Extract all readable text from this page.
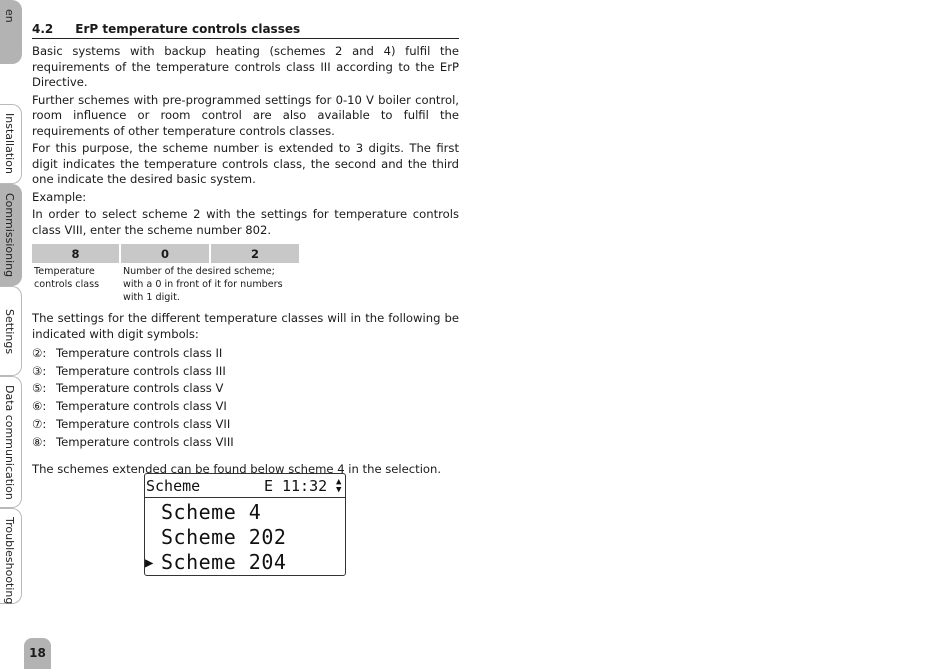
en
Installation
Commissioning
Settings
Data communication
Troubleshooting
18
4.2 ErP temperature controls classes

Basic systems with backup heating (schemes 2 and 4) fulfil the requirements of the temperature controls class III according to the ErP Directive.

Further schemes with pre-programmed settings for 0-10 V boiler control, room influence or room control are also available to fulfil the requirements of other temperature controls classes.

For this purpose, the scheme number is extended to 3 digits. The first digit indicates the temperature controls class, the second and the third one indicate the desired basic system.

Example:

In order to select scheme 2 with the settings for temperature controls class VIII, enter the scheme number 802.

8	0	2
Temperature controls class	Number of the desired scheme; with a 0 in front of it for numbers with 1 digit.	

The settings for the different temperature classes will in the following be indicated with digit symbols:

②: Temperature controls class II
③: Temperature controls class III
⑤: Temperature controls class V
⑥: Temperature controls class VI
⑦: Temperature controls class VII
⑧: Temperature controls class VIII

The schemes extended can be found below scheme 4 in the selection.

Scheme	E 11:32 ▲
▼
Scheme 4
Scheme 202
Scheme 204
▶
